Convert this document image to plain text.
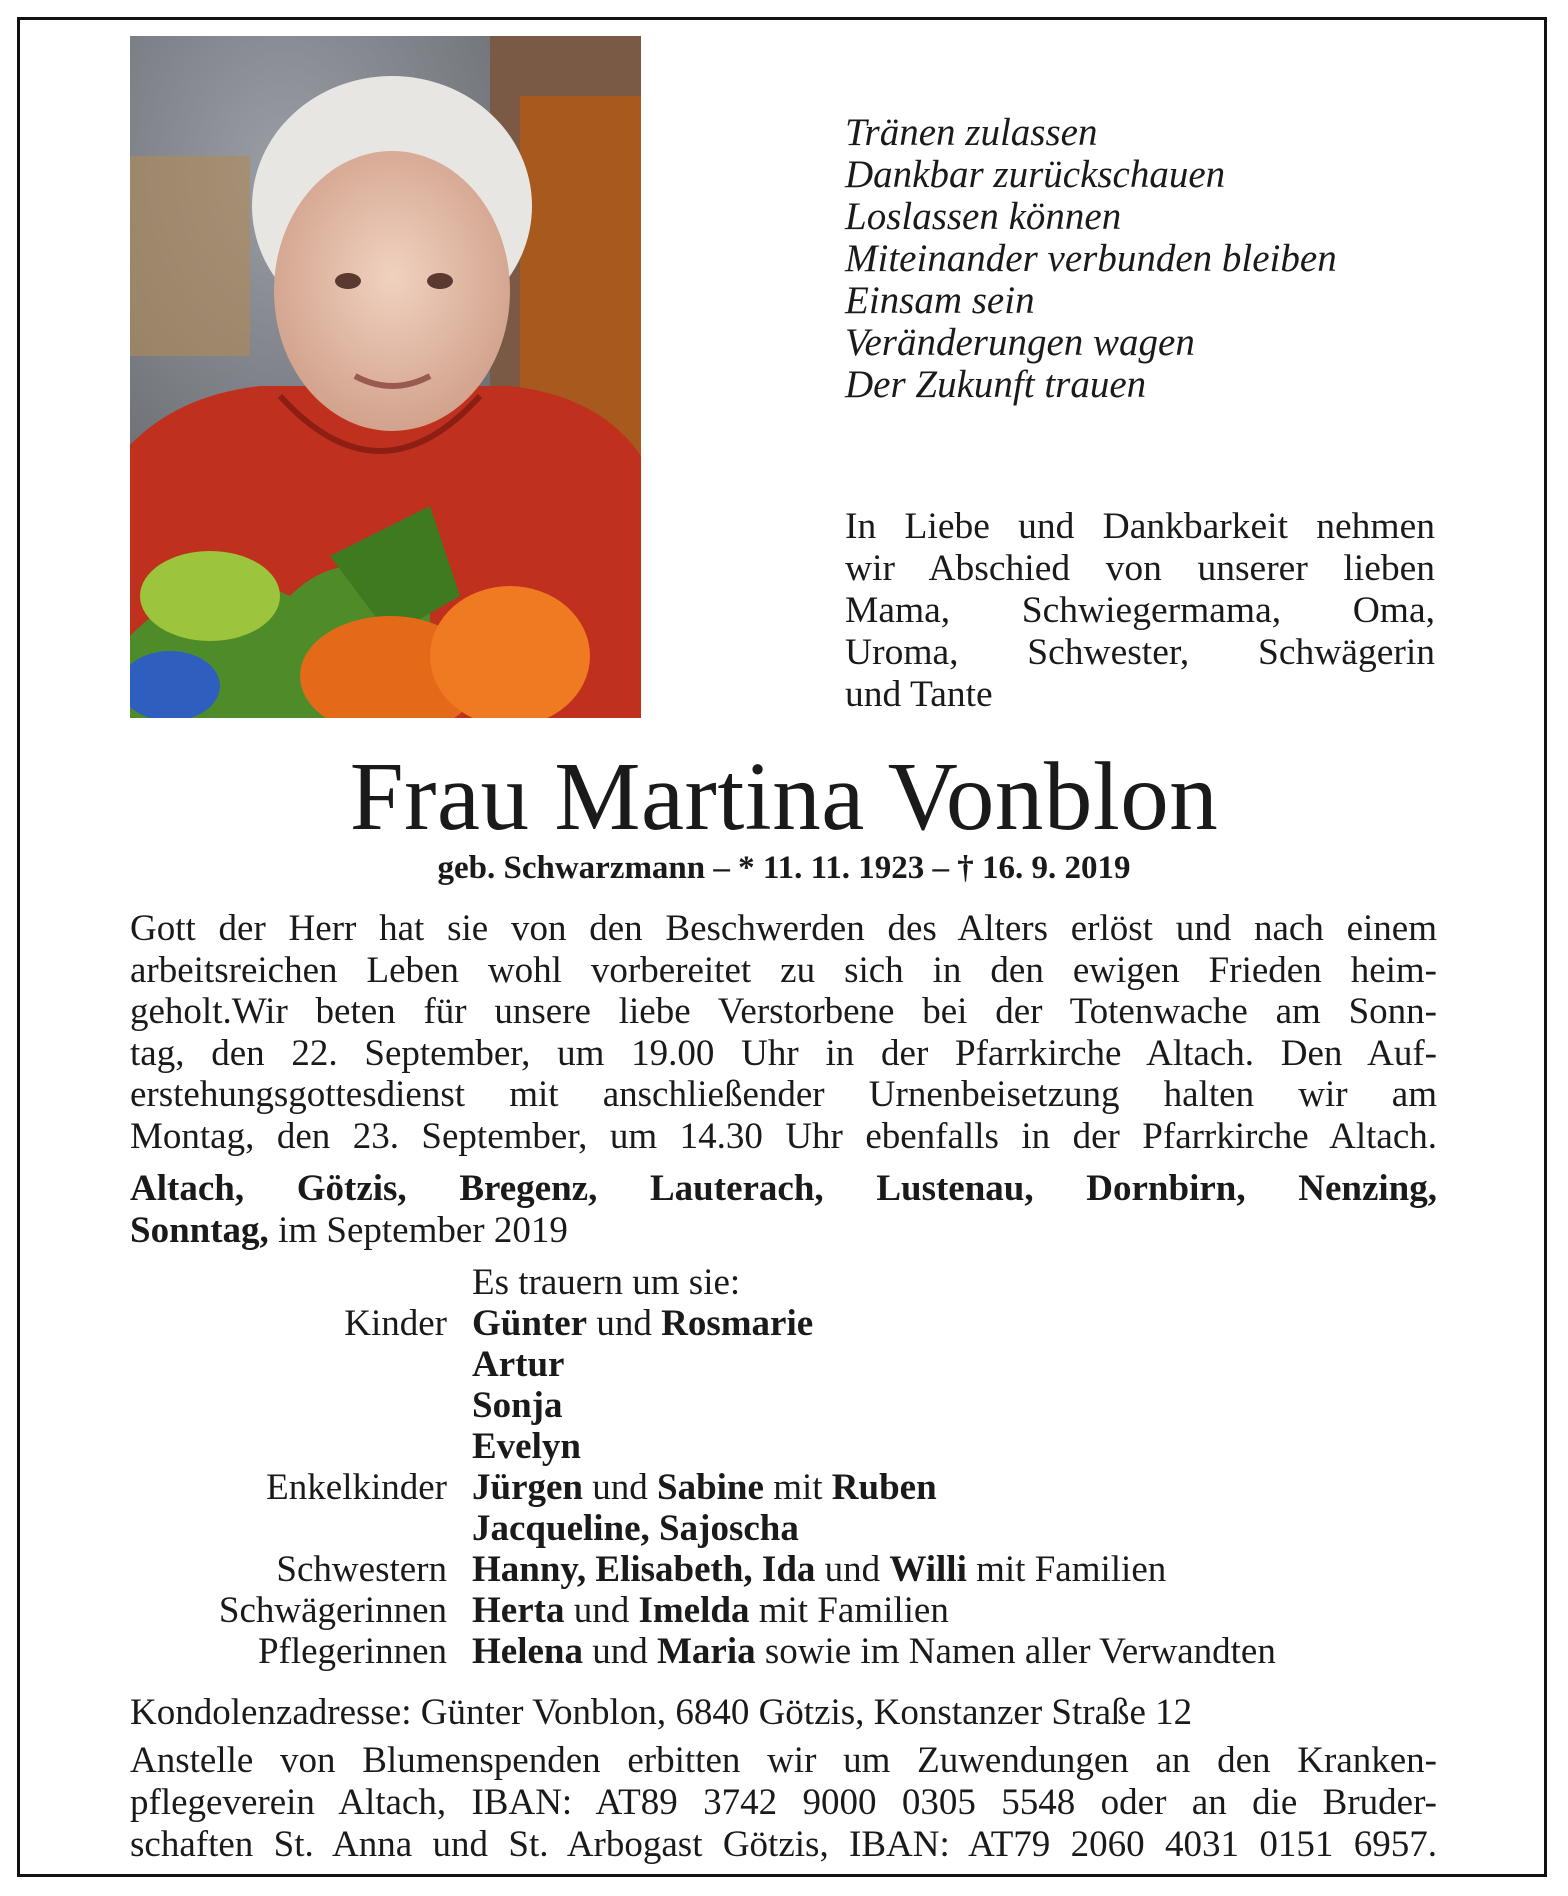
Tränen zulassen
Dankbar zurückschauen
Loslassen können
Miteinander verbunden bleiben
Einsam sein
Veränderungen wagen
Der Zukunft trauen
In Liebe und Dankbarkeit nehmen
wir Abschied von unserer lieben
Mama, Schwiegermama, Oma,
Uroma, Schwester, Schwägerin
und Tante
Frau Martina Vonblon
geb. Schwarzmann – * 11. 11. 1923 – † 16. 9. 2019
Gott der Herr hat sie von den Beschwerden des Alters erlöst und nach einem
arbeitsreichen Leben wohl vorbereitet zu sich in den ewigen Frieden heim-
geholt.Wir beten für unsere liebe Verstorbene bei der Totenwache am Sonn-
tag, den 22. September, um 19.00 Uhr in der Pfarrkirche Altach. Den Auf-
erstehungsgottesdienst mit anschließender Urnenbeisetzung halten wir am
Montag, den 23. September, um 14.30 Uhr ebenfalls in der Pfarrkirche Altach.
Altach, Götzis, Bregenz, Lauterach, Lustenau, Dornbirn, Nenzing,
Sonntag, im September 2019
Es trauern um sie:
Kinder Günter und Rosmarie
Artur
Sonja
Evelyn
Enkelkinder Jürgen und Sabine mit Ruben
Jacqueline, Sajoscha
Schwestern Hanny, Elisabeth, Ida und Willi mit Familien
Schwägerinnen Herta und Imelda mit Familien
Pflegerinnen Helena und Maria sowie im Namen aller Verwandten
Kondolenzadresse: Günter Vonblon, 6840 Götzis, Konstanzer Straße 12
Anstelle von Blumenspenden erbitten wir um Zuwendungen an den Kranken-
pflegeverein Altach, IBAN: AT89 3742 9000 0305 5548 oder an die Bruder-
schaften St. Anna und St. Arbogast Götzis, IBAN: AT79 2060 4031 0151 6957.
